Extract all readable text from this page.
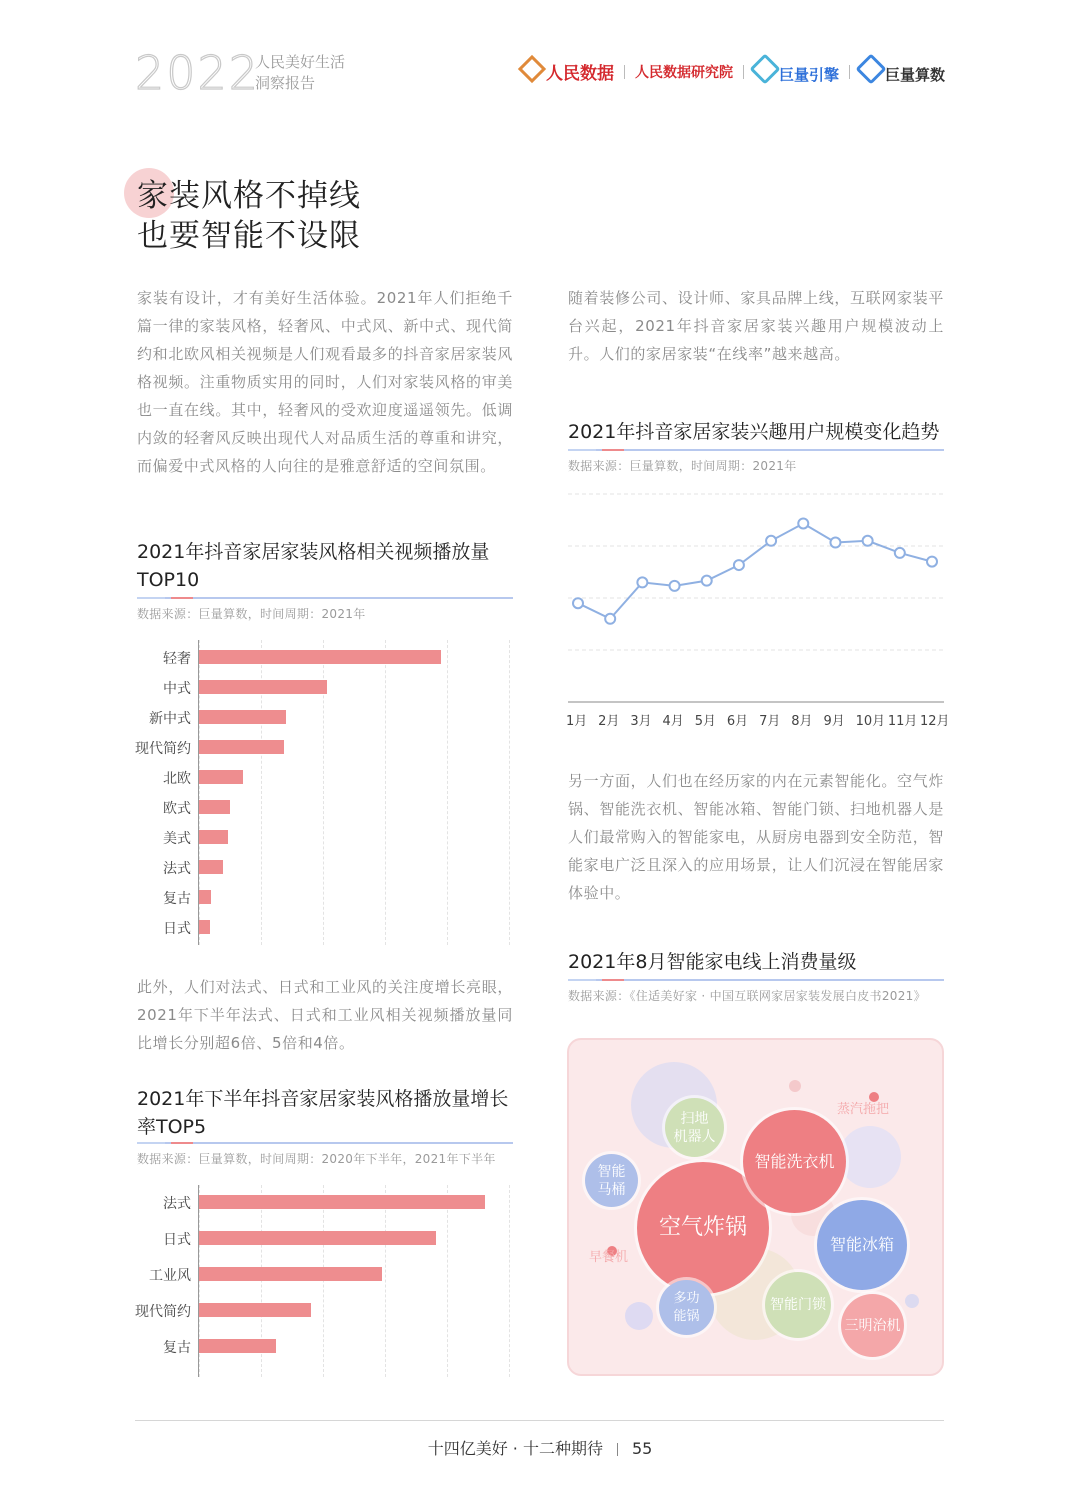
2022
人民美好生活
洞察报告	人民数据 人民数据研究院	巨量引擎	巨量算数
家装风格不掉线
也要智能不设限
家装有设计，才有美好生活体验。2021年人们拒绝千篇一律的家装风格，轻奢风、中式风、新中式、现代简约和北欧风相关视频是人们观看最多的抖音家居家装风格视频。注重物质实用的同时，人们对家装风格的审美也一直在线。其中，轻奢风的受欢迎度遥遥领先。低调内敛的轻奢风反映出现代人对品质生活的尊重和讲究，而偏爱中式风格的人向往的是雅意舒适的空间氛围。
2021年抖音家居家装风格相关视频播放量TOP10
数据来源：巨量算数，时间周期：2021年
轻奢
中式
新中式
现代简约
北欧
欧式
美式
法式
复古
日式
此外，人们对法式、日式和工业风的关注度增长亮眼，2021年下半年法式、日式和工业风相关视频播放量同比增长分别超6倍、5倍和4倍。
2021年下半年抖音家居家装风格播放量增长率TOP5
数据来源：巨量算数，时间周期：2020年下半年，2021年下半年
法式
日式
工业风
现代简约
复古
随着装修公司、设计师、家具品牌上线，互联网家装平台兴起，2021年抖音家居家装兴趣用户规模波动上升。人们的家居家装“在线率”越来越高。
2021年抖音家居家装兴趣用户规模变化趋势
数据来源：巨量算数，时间周期：2021年
另一方面，人们也在经历家的内在元素智能化。空气炸锅、智能洗衣机、智能冰箱、智能门锁、扫地机器人是人们最常购入的智能家电，从厨房电器到安全防范，智能家电广泛且深入的应用场景，让人们沉浸在智能居家体验中。
2021年8月智能家电线上消费量级
数据来源：《住适美好家 · 中国互联网家居家装发展白皮书2021》
空气炸锅
智能洗衣机
智能冰箱
智能门锁
三明治机
扫地
机器人
多功
能锅
智能
马桶
蒸汽拖把
早餐机
十四亿美好 · 十二种期待 55
1月 2月 3月 4月 5月 6月 7月 8月 9月 10月 11月 12月
